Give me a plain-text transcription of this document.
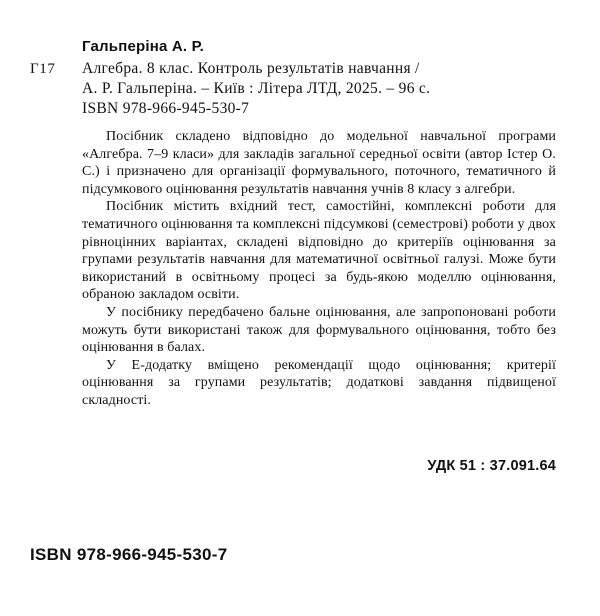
Гальперіна А. Р.
Г17 Алгебра. 8 клас. Контроль результатів навчання /
А. Р. Гальперіна. – Київ : Літера ЛТД, 2025. – 96 с.
ISBN 978-966-945-530-7

Посібник складено відповідно до модельної навчальної програми «Алгебра. 7–9 класи» для закладів загальної середньої освіти (автор Істер О. С.) і призначено для організації формувального, поточного, тематичного й підсумкового оцінювання результатів навчання учнів 8 класу з алгебри.

Посібник містить вхідний тест, самостійні, комплексні роботи для тематичного оцінювання та комплексні підсумкові (семестрові) роботи у двох рівноцінних варіантах, складені відповідно до критеріїв оцінювання за групами результатів навчання для математичної освітньої галузі. Може бути використаний в освітньому процесі за будь-якою моделлю оцінювання, обраною закладом освіти.

У посібнику передбачено бальне оцінювання, але запропоновані роботи можуть бути використані також для формувального оцінювання, тобто без оцінювання в балах.

У Е-додатку вміщено рекомендації щодо оцінювання; критерії оцінювання за групами результатів; додаткові завдання підвищеної складності.

УДК 51 : 37.091.64
ISBN 978-966-945-530-7
